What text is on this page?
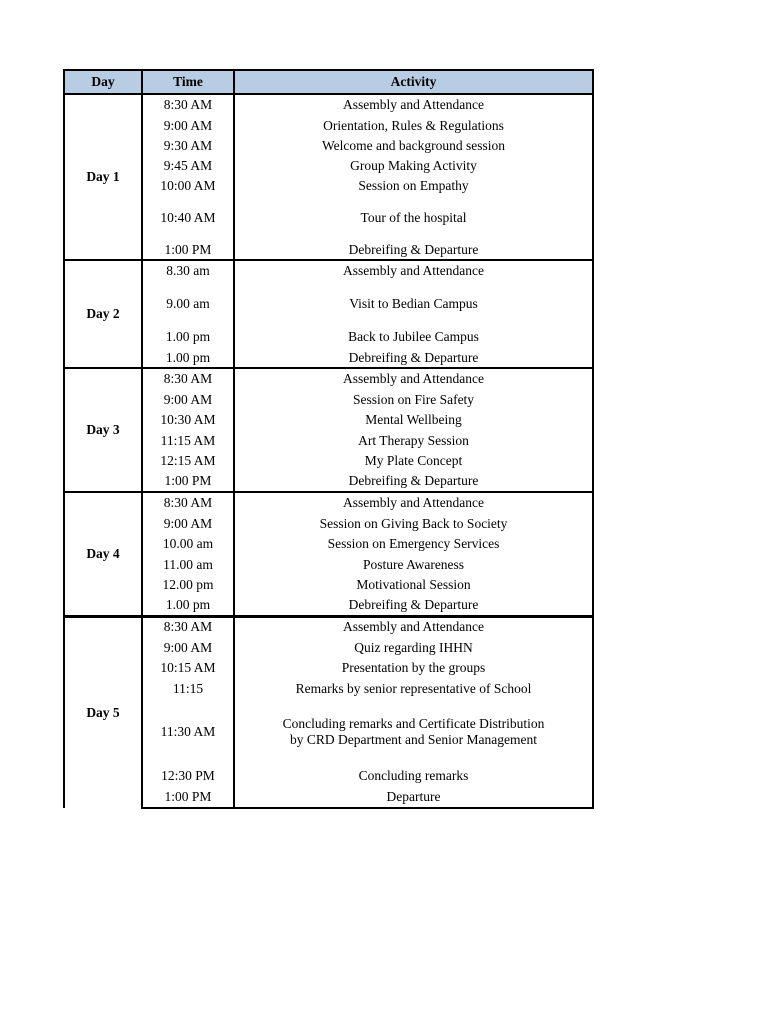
Day	Time	Activity
Day 1	8:30 AM	Assembly and Attendance
	9:00 AM	Orientation, Rules & Regulations
	9:30 AM	Welcome and background session
	9:45 AM	Group Making Activity
	10:00 AM	Session on Empathy
	10:40 AM	Tour of the hospital
	1:00 PM	Debreifing & Departure
Day 2	8.30 am	Assembly and Attendance
	9.00 am	Visit to Bedian Campus
	1.00 pm	Back to Jubilee Campus
	1.00 pm	Debreifing & Departure
Day 3	8:30 AM	Assembly and Attendance
	9:00 AM	Session on Fire Safety
	10:30 AM	Mental Wellbeing
	11:15 AM	Art Therapy Session
	12:15 AM	My Plate Concept
	1:00 PM	Debreifing & Departure
Day 4	8:30 AM	Assembly and Attendance
	9:00 AM	Session on Giving Back to Society
	10.00 am	Session on Emergency Services
	11.00 am	Posture Awareness
	12.00 pm	Motivational Session
	1.00 pm	Debreifing & Departure
Day 5	8:30 AM	Assembly and Attendance
	9:00 AM	Quiz regarding IHHN
	10:15 AM	Presentation by the groups
	11:15	Remarks by senior representative of School
	11:30 AM	Concluding remarks and Certificate Distribution
by CRD Department and Senior Management
	12:30 PM	Concluding remarks
	1:00 PM	Departure
